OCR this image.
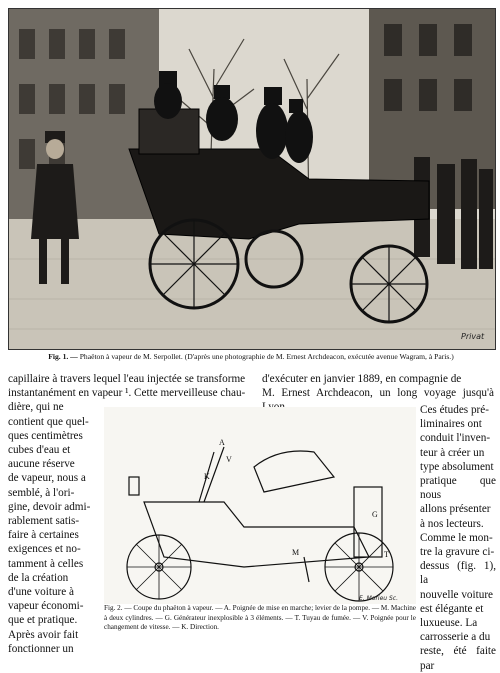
Privat
Fig. 1. — Phaëton à vapeur de M. Serpollet. (D'après une photographie de M. Ernest Archdeacon, exécutée avenue Wagram, à Paris.)
capillaire à travers lequel l'eau injectée se transforme
instantanément en vapeur ¹. Cette merveilleuse chau-
dière, qui ne
contient que quel-
ques centimètres
cubes d'eau et
aucune réserve
de vapeur, nous a
semblé, à l'ori-
gine, devoir admi-
rablement satis-
faire à certaines
exigences et no-
tamment à celles
de la création
d'une voiture à
vapeur économi-
que et pratique.
Après avoir fait
fonctionner un
d'exécuter en janvier 1889, en compagnie de
M. Ernest Archdeacon, un long voyage jusqu'à
Ces études pré-
liminaires ont
conduit l'inven-
teur à créer un
type absolument
pratique que nous
allons présenter
à nos lecteurs.
Comme le mon-
tre la gravure ci-
dessus (fig. 1), la
nouvelle voiture
est élégante et
luxueuse. La
carrosserie a du
reste, été faite par
A
V
K
M
G
T
E. Morieu Sc.
Fig. 2. — Coupe du phaëton à vapeur. — A. Poignée de mise en marche; levier de la pompe. — M. Machine à deux cylindres. — G. Générateur inexplosible à 3 éléments. — T. Tuyau de fumée. — V. Poignée pour le changement de vitesse. — K. Direction.
